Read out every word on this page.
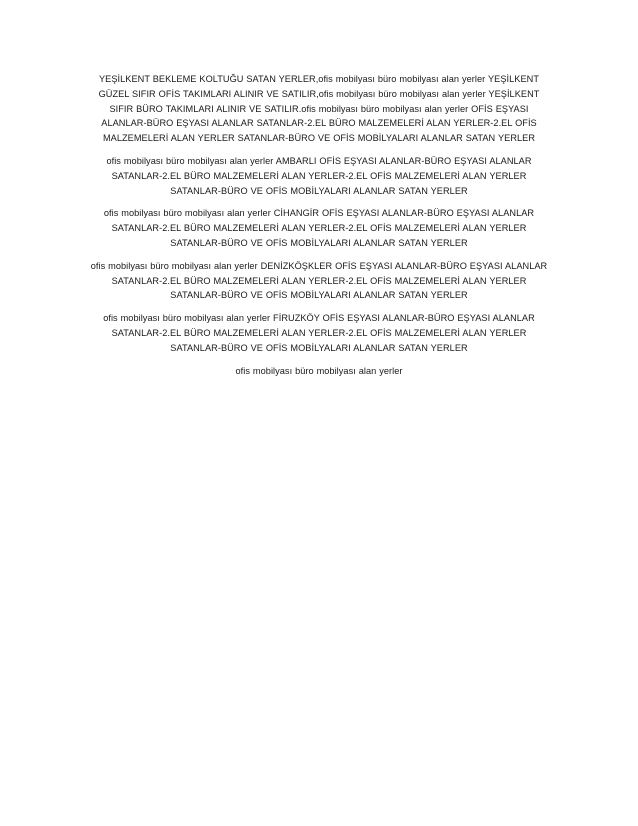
YEŞİLKENT BEKLEME KOLTUĞU SATAN YERLER,ofis mobilyası büro mobilyası alan yerler YEŞİLKENT GÜZEL SIFIR OFİS TAKIMLARI ALINIR VE SATILIR,ofis mobilyası büro mobilyası alan yerler YEŞİLKENT SIFIR BÜRO TAKIMLARI ALINIR VE SATILIR.ofis mobilyası büro mobilyası alan yerler OFİS EŞYASI ALANLAR-BÜRO EŞYASI ALANLAR SATANLAR-2.EL BÜRO MALZEMELERİ ALAN YERLER-2.EL OFİS MALZEMELERİ ALAN YERLER SATANLAR-BÜRO VE OFİS MOBİLYALARI ALANLAR SATAN YERLER

ofis mobilyası büro mobilyası alan yerler AMBARLI OFİS EŞYASI ALANLAR-BÜRO EŞYASI ALANLAR SATANLAR-2.EL BÜRO MALZEMELERİ ALAN YERLER-2.EL OFİS MALZEMELERİ ALAN YERLER SATANLAR-BÜRO VE OFİS MOBİLYALARI ALANLAR SATAN YERLER

ofis mobilyası büro mobilyası alan yerler CİHANGİR OFİS EŞYASI ALANLAR-BÜRO EŞYASI ALANLAR SATANLAR-2.EL BÜRO MALZEMELERİ ALAN YERLER-2.EL OFİS MALZEMELERİ ALAN YERLER SATANLAR-BÜRO VE OFİS MOBİLYALARI ALANLAR SATAN YERLER

ofis mobilyası büro mobilyası alan yerler DENİZKÖŞKLER OFİS EŞYASI ALANLAR-BÜRO EŞYASI ALANLAR SATANLAR-2.EL BÜRO MALZEMELERİ ALAN YERLER-2.EL OFİS MALZEMELERİ ALAN YERLER SATANLAR-BÜRO VE OFİS MOBİLYALARI ALANLAR SATAN YERLER

ofis mobilyası büro mobilyası alan yerler FİRUZKÖY OFİS EŞYASI ALANLAR-BÜRO EŞYASI ALANLAR SATANLAR-2.EL BÜRO MALZEMELERİ ALAN YERLER-2.EL OFİS MALZEMELERİ ALAN YERLER SATANLAR-BÜRO VE OFİS MOBİLYALARI ALANLAR SATAN YERLER

ofis mobilyası büro mobilyası alan yerler
